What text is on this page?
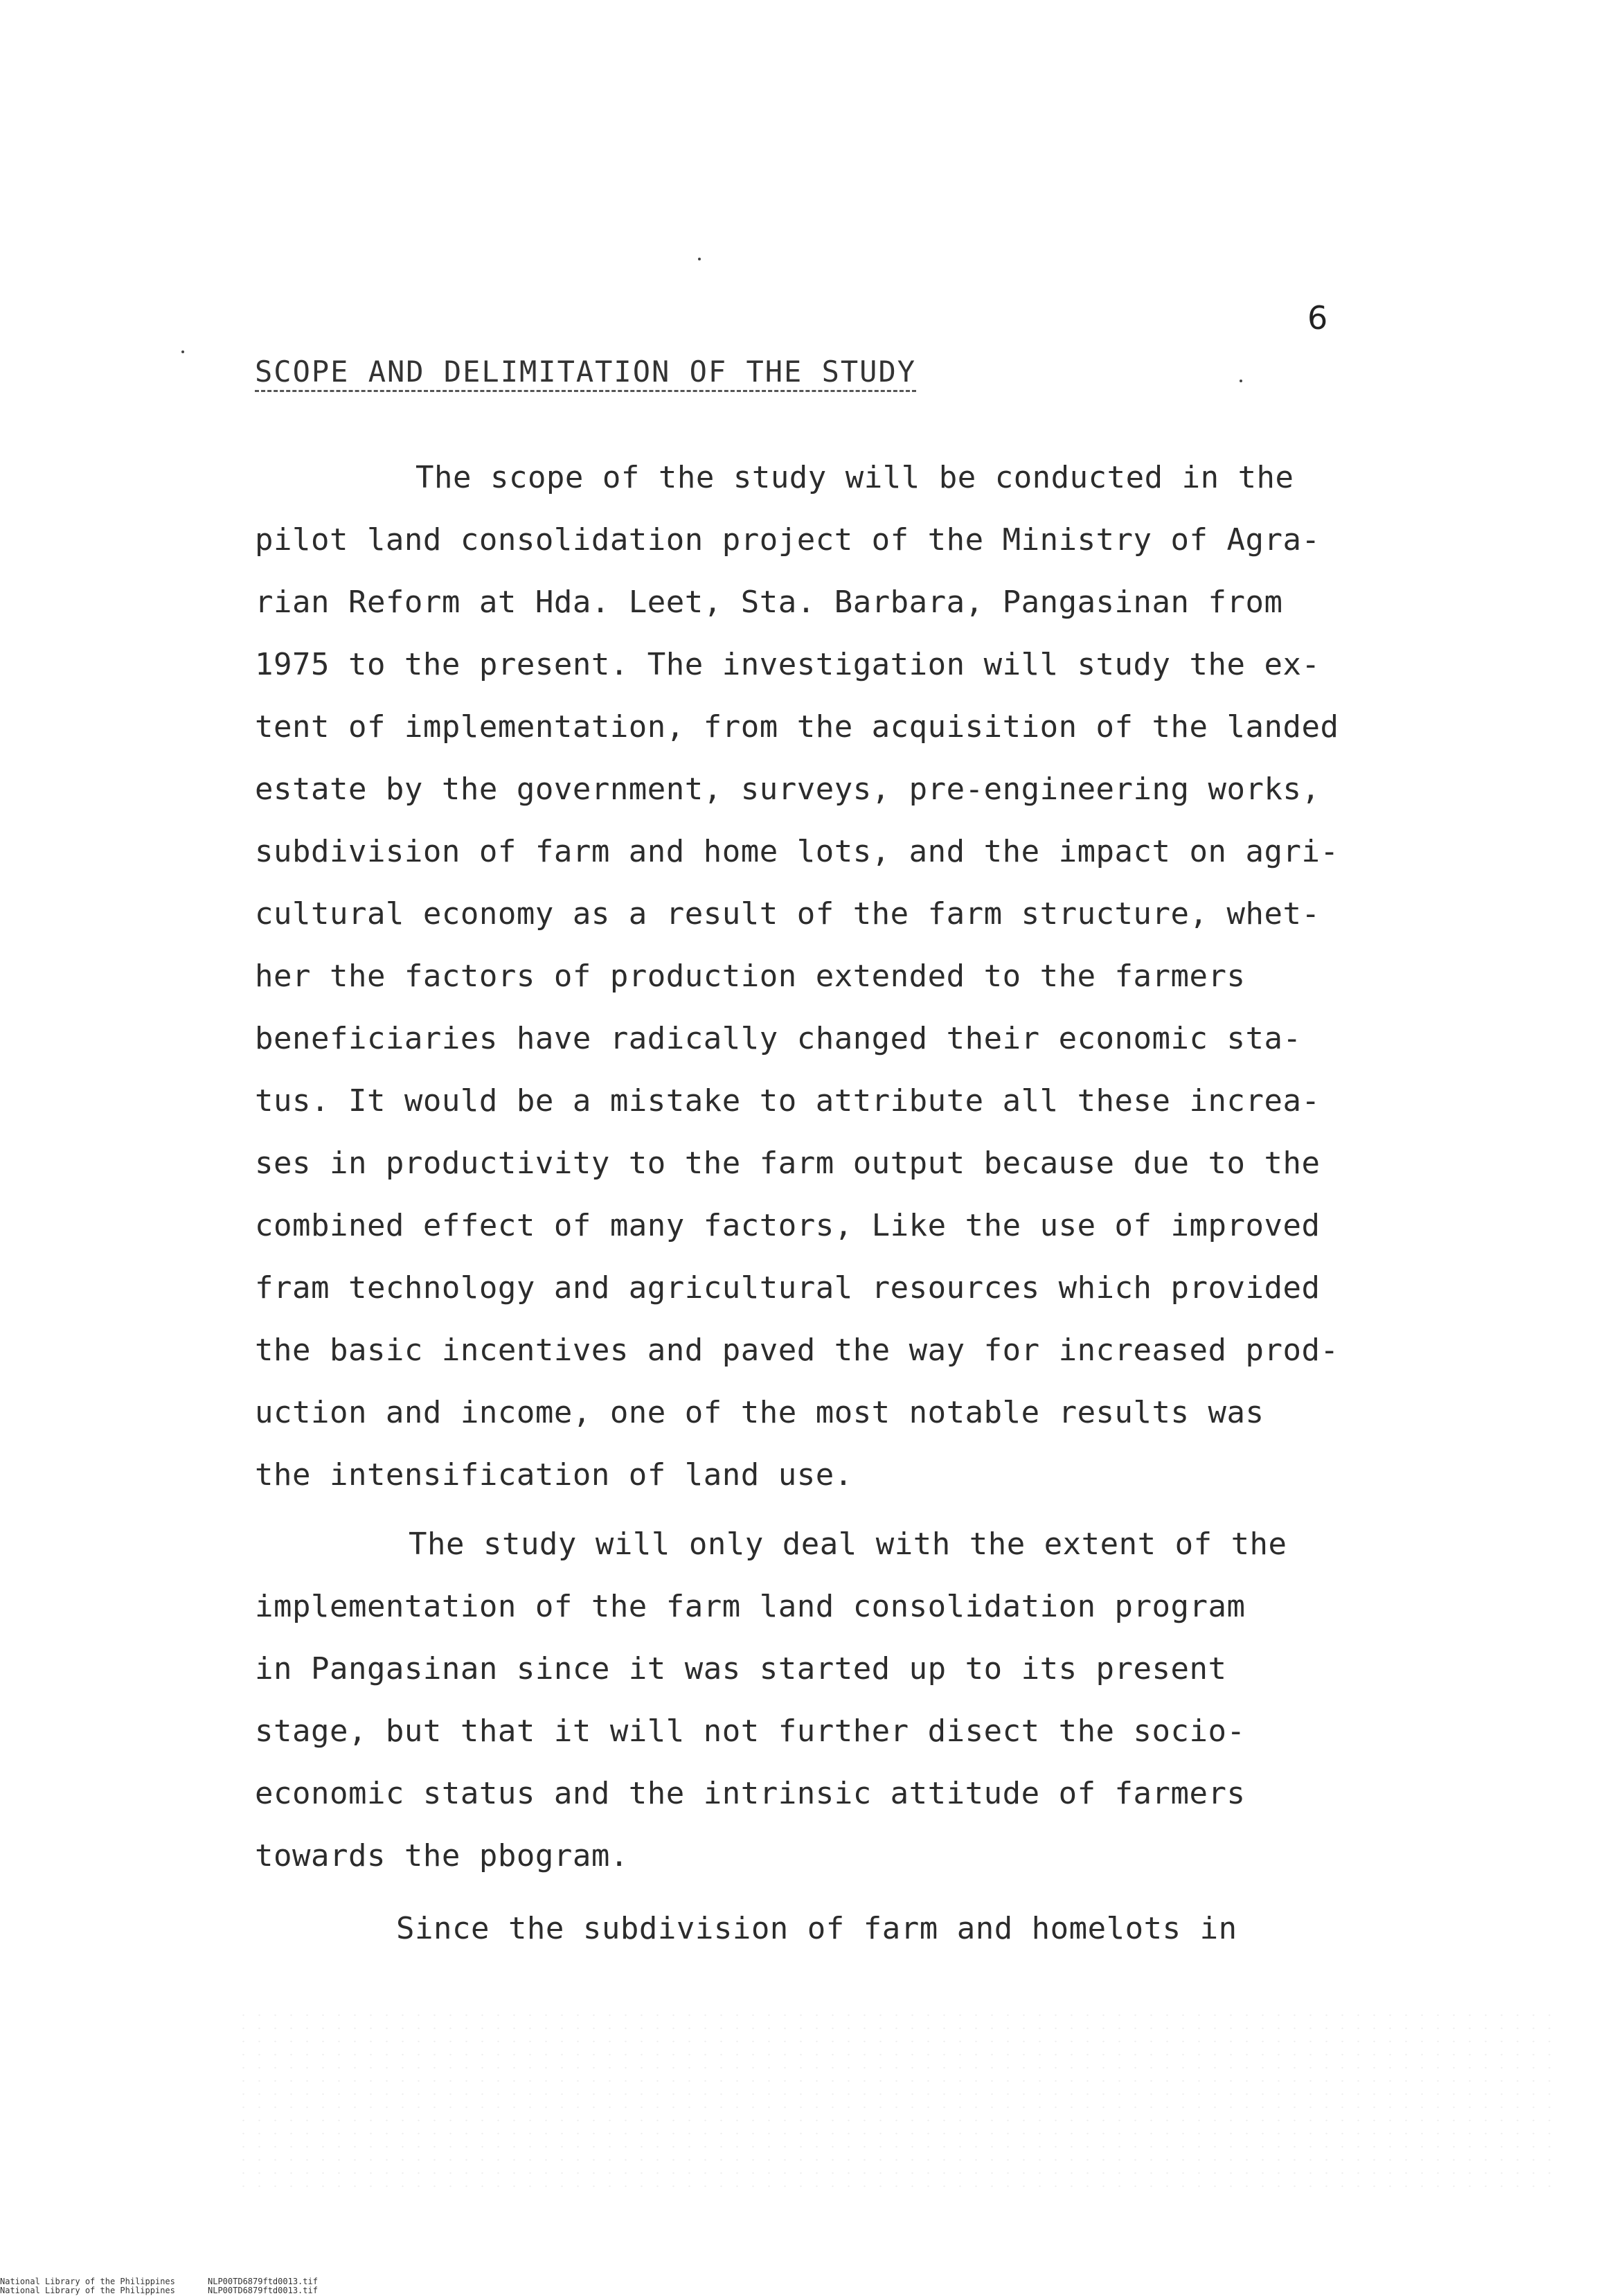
6
SCOPE AND DELIMITATION OF THE STUDY
The scope of the study will be conducted in the
pilot land consolidation project of the Ministry of Agra-
rian Reform at Hda. Leet, Sta. Barbara, Pangasinan from
1975 to the present. The investigation will study the ex-
tent of implementation, from the acquisition of the landed
estate by the government, surveys, pre-engineering works,
subdivision of farm and home lots, and the impact on agri-
cultural economy as a result of the farm structure, whet-
her the factors of production extended to the farmers
beneficiaries have radically changed their economic sta-
tus. It would be a mistake to attribute all these increa-
ses in productivity to the farm output because due to the
combined effect of many factors, Like the use of improved
fram technology and agricultural resources which provided
the basic incentives and paved the way for increased prod-
uction and income, one of the most notable results was
the intensification of land use.
The study will only deal with the extent of the
implementation of the farm land consolidation program
in Pangasinan since it was started up to its present
stage, but that it will not further disect the socio-
economic status and the intrinsic attitude of farmers
towards the pbogram.
Since the subdivision of farm and homelots in
National Library of the Philippines	NLP00TD6879ftd0013.tif
National Library of the Philippines	NLP00TD6879ftd0013.tif
